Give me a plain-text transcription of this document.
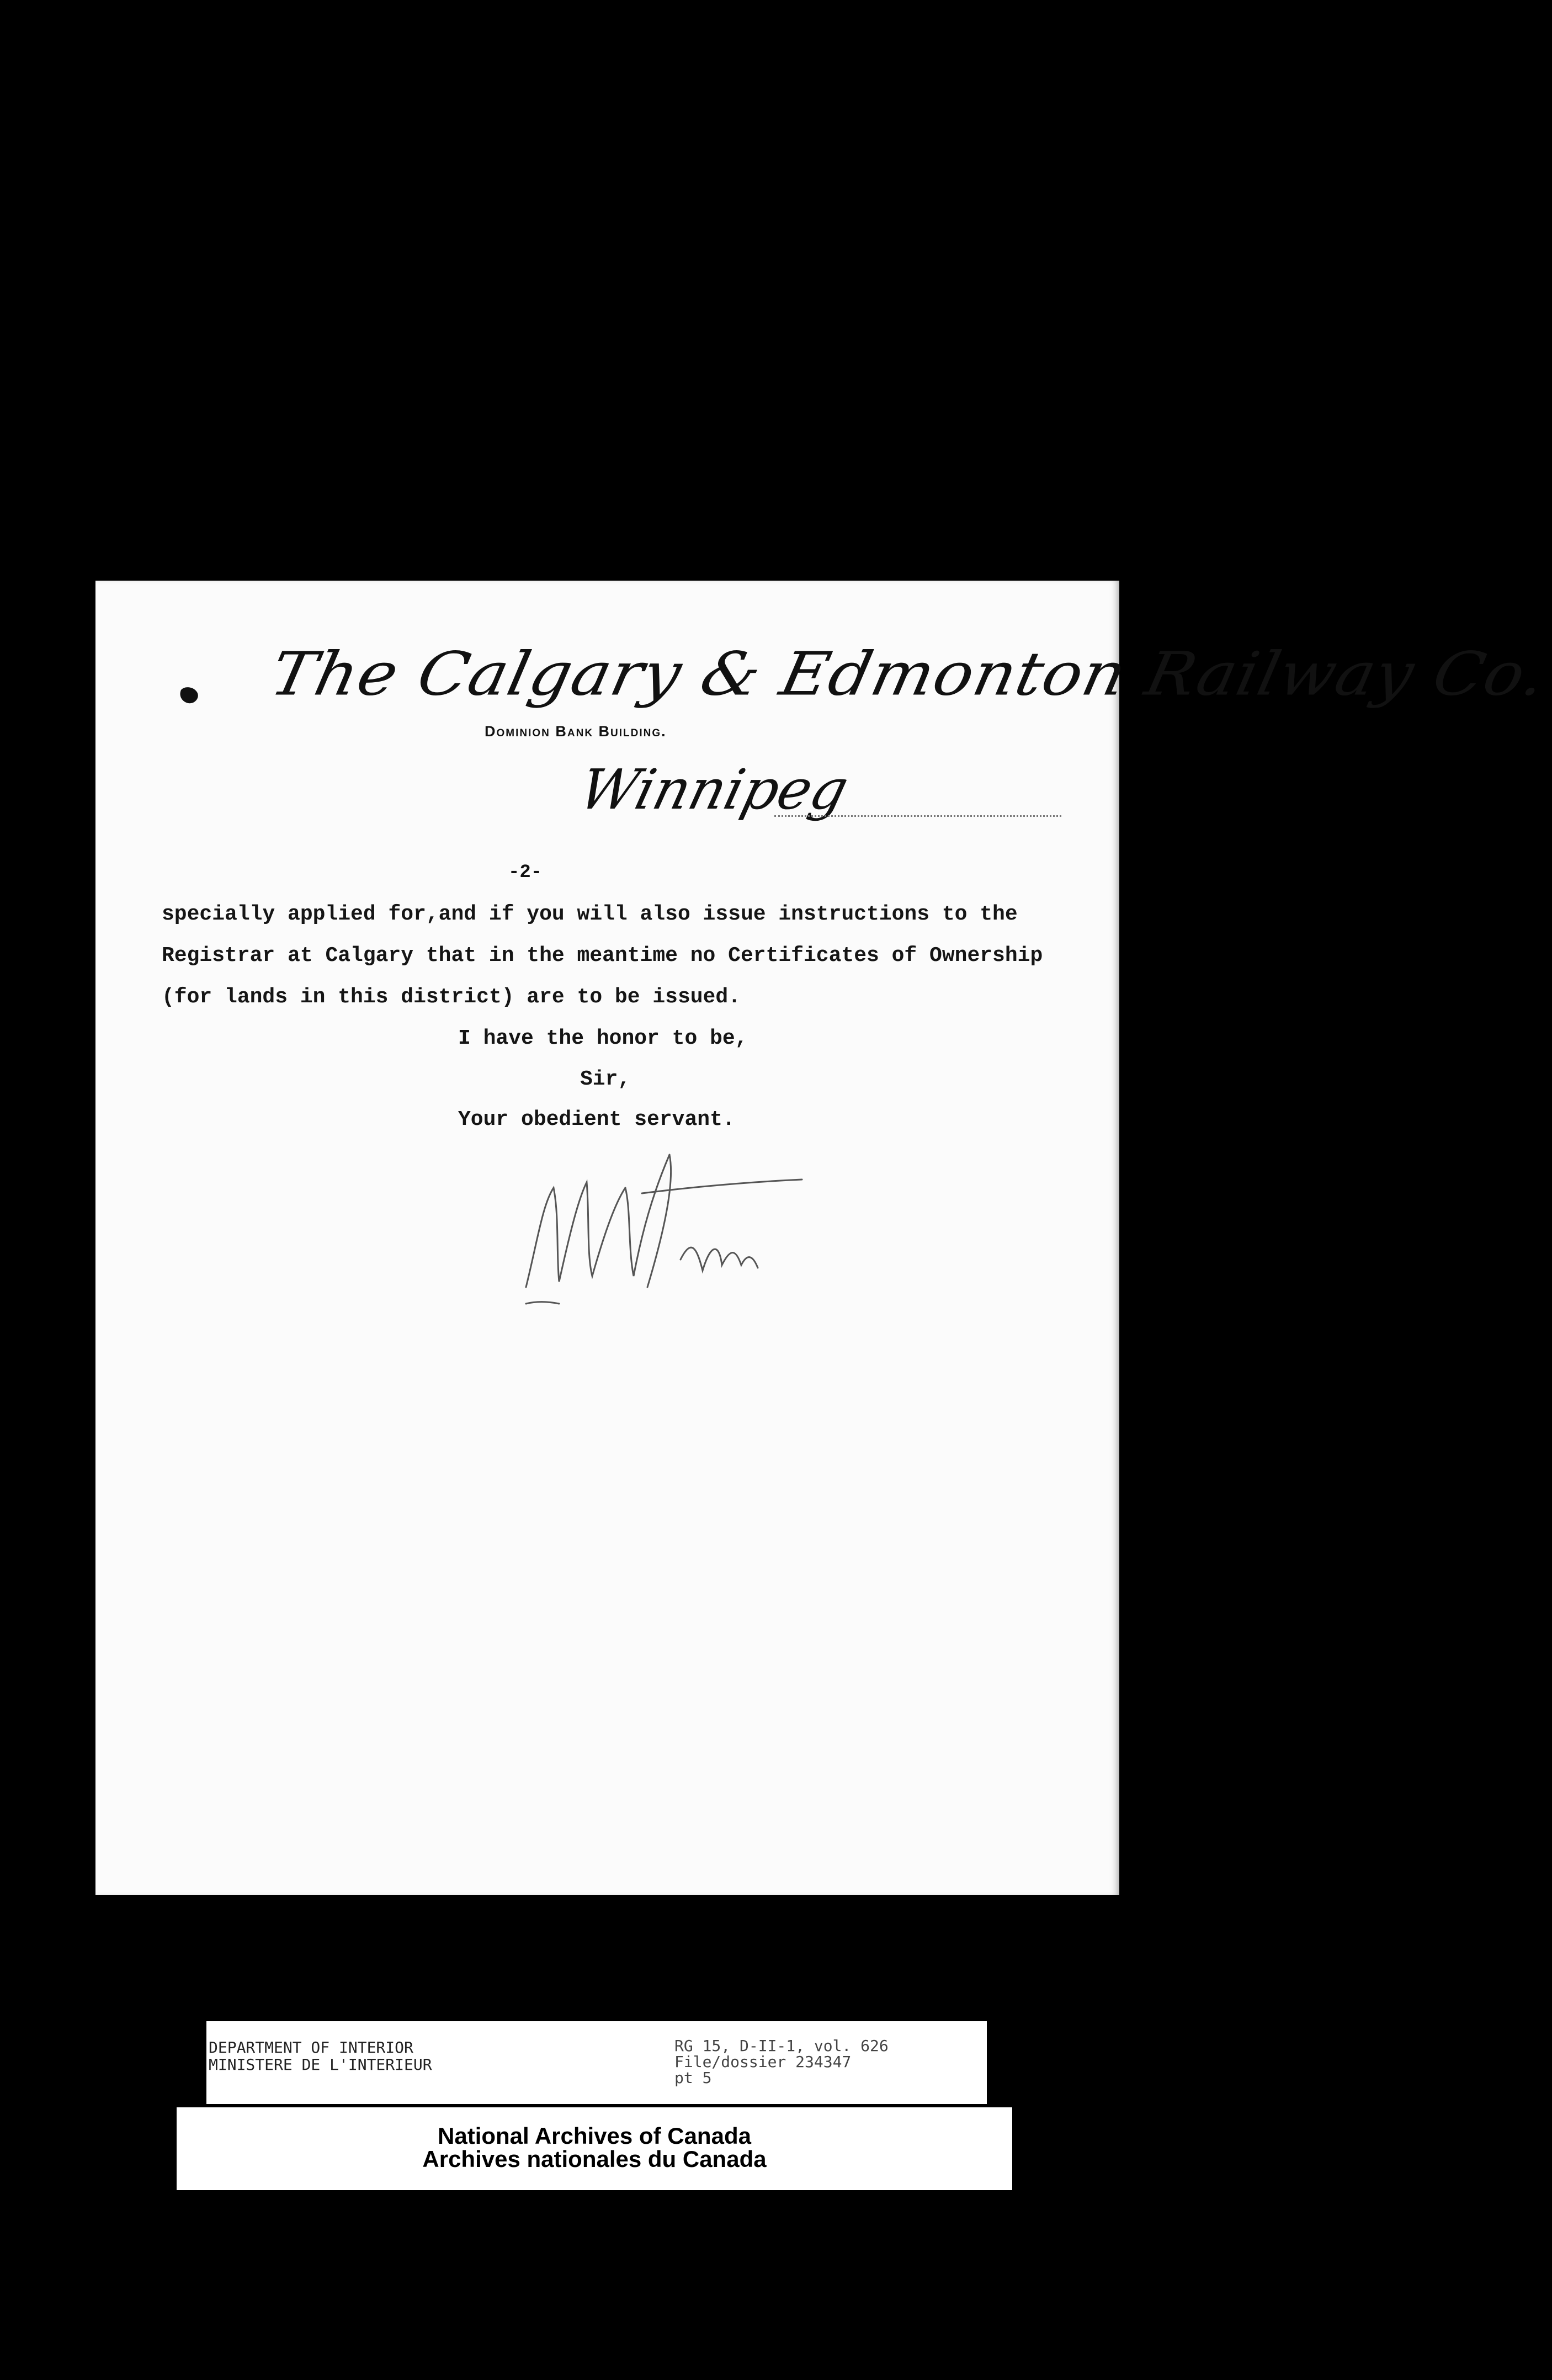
The Calgary & Edmonton Railway Co.
Dominion Bank Building.
Winnipeg
-2-
specially applied for,and if you will also issue instructions to the
Registrar at Calgary that in the meantime no Certificates of Ownership
(for lands in this district) are to be issued.
I have the honor to be,
Sir,
Your obedient servant.
DEPARTMENT OF INTERIOR
MINISTERE DE L'INTERIEUR
RG 15, D-II-1, vol. 626
File/dossier 234347
pt 5
National Archives of Canada
Archives nationales du Canada
